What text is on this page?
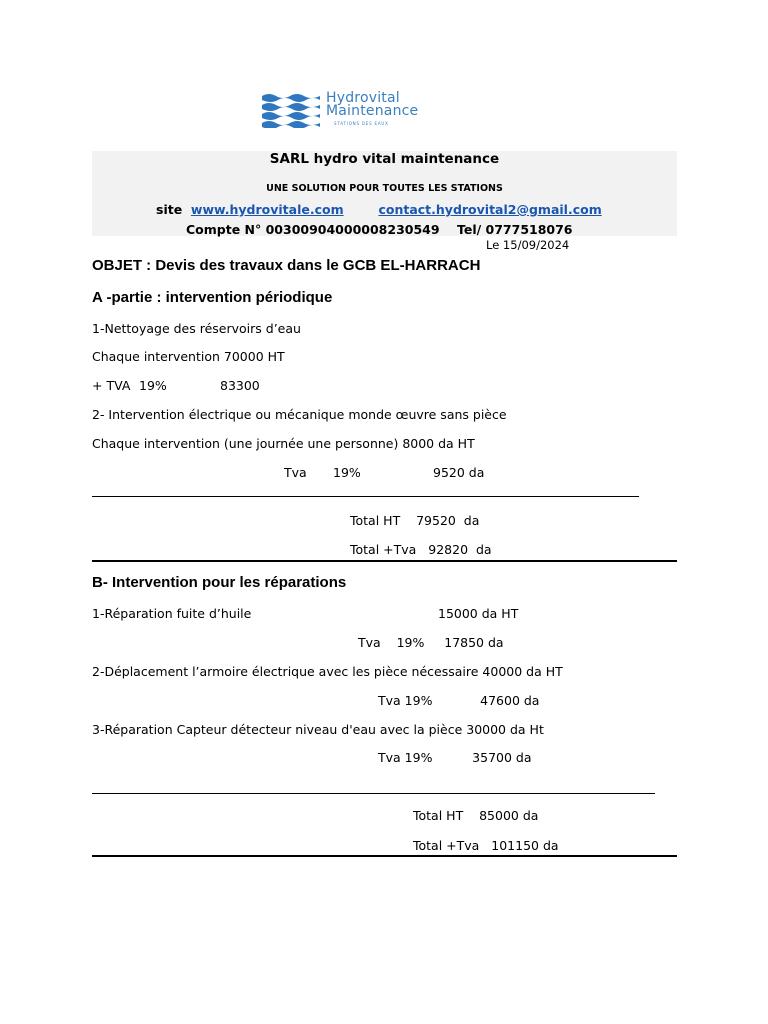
Hydrovital
Maintenance
STATIONS DES EAUX
SARL hydro vital maintenance
UNE SOLUTION POUR TOUTES LES STATIONS
site www.hydrovitale.com	contact.hydrovital2@gmail.com
Compte N° 00300904000008230549 Tel/ 0777518076
Le 15/09/2024
OBJET : Devis des travaux dans le GCB EL-HARRACH
A -partie : intervention périodique
1-Nettoyage des réservoirs d’eau
Chaque intervention 70000 HT
+ TVA 19%	83300
2- Intervention électrique ou mécanique monde œuvre sans pièce
Chaque intervention (une journée une personne) 8000 da HT
Tva 19%	9520 da
Total HT    79520  da
Total +Tva   92820  da
B- Intervention pour les réparations
1-Réparation fuite d’huile	15000 da HT
Tva    19%     17850 da
2-Déplacement l’armoire électrique avec les pièce nécessaire 40000 da HT
Tva 19%            47600 da
3-Réparation Capteur détecteur niveau d'eau avec la pièce 30000 da Ht
Tva 19%          35700 da
Total HT    85000 da
Total +Tva   101150 da
